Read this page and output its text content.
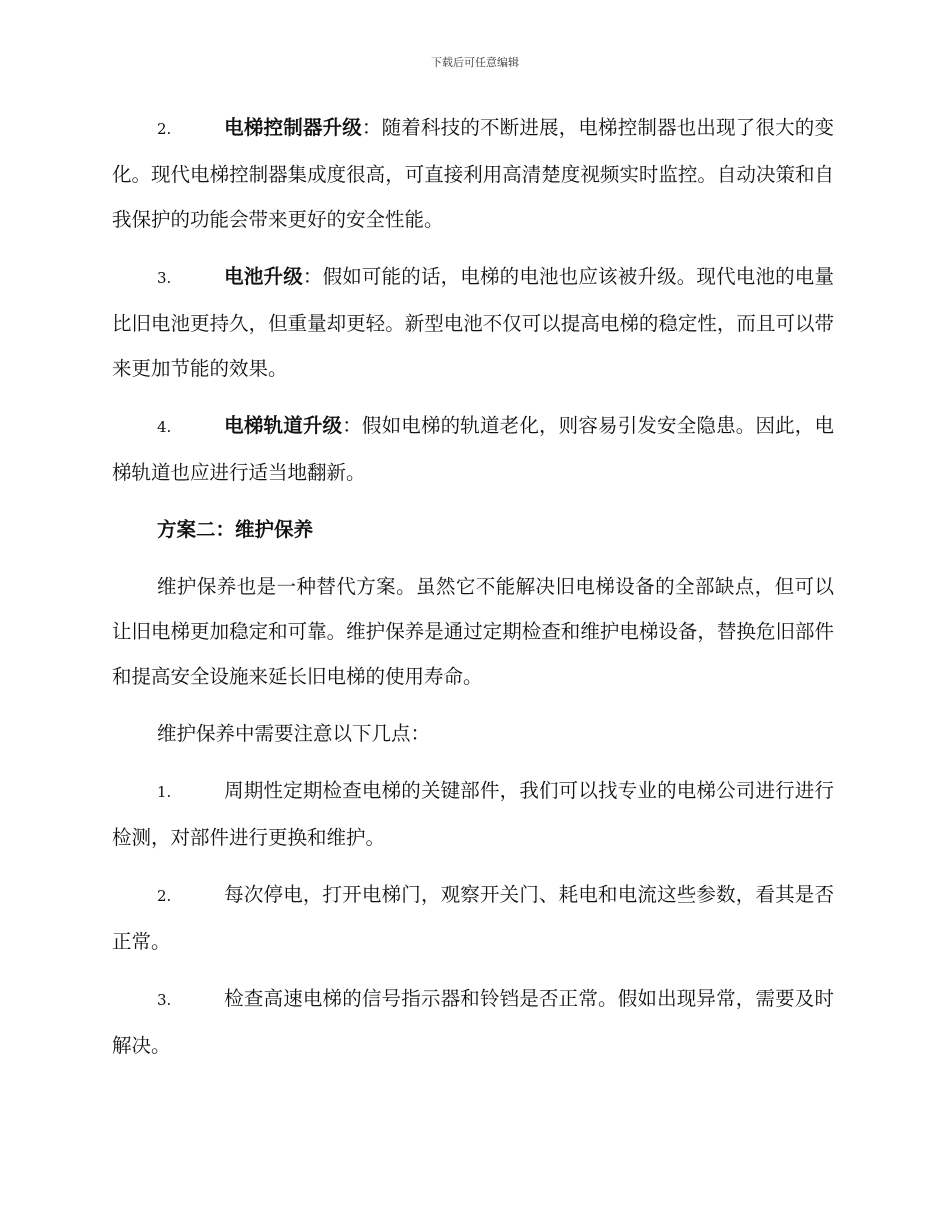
下载后可任意编辑

2.	电梯控制器升级：随着科技的不断进展，电梯控制器也出现了很大的变化。现代电梯控制器集成度很高，可直接利用高清楚度视频实时监控。自动决策和自我保护的功能会带来更好的安全性能。

3.	电池升级：假如可能的话，电梯的电池也应该被升级。现代电池的电量比旧电池更持久，但重量却更轻。新型电池不仅可以提高电梯的稳定性，而且可以带来更加节能的效果。

4.	电梯轨道升级：假如电梯的轨道老化，则容易引发安全隐患。因此，电梯轨道也应进行适当地翻新。

方案二：维护保养

维护保养也是一种替代方案。虽然它不能解决旧电梯设备的全部缺点，但可以让旧电梯更加稳定和可靠。维护保养是通过定期检查和维护电梯设备，替换危旧部件和提高安全设施来延长旧电梯的使用寿命。

维护保养中需要注意以下几点：

1.	周期性定期检查电梯的关键部件，我们可以找专业的电梯公司进行进行检测，对部件进行更换和维护。

2.	每次停电，打开电梯门，观察开关门、耗电和电流这些参数，看其是否正常。

3.	检查高速电梯的信号指示器和铃铛是否正常。假如出现异常，需要及时解决。
